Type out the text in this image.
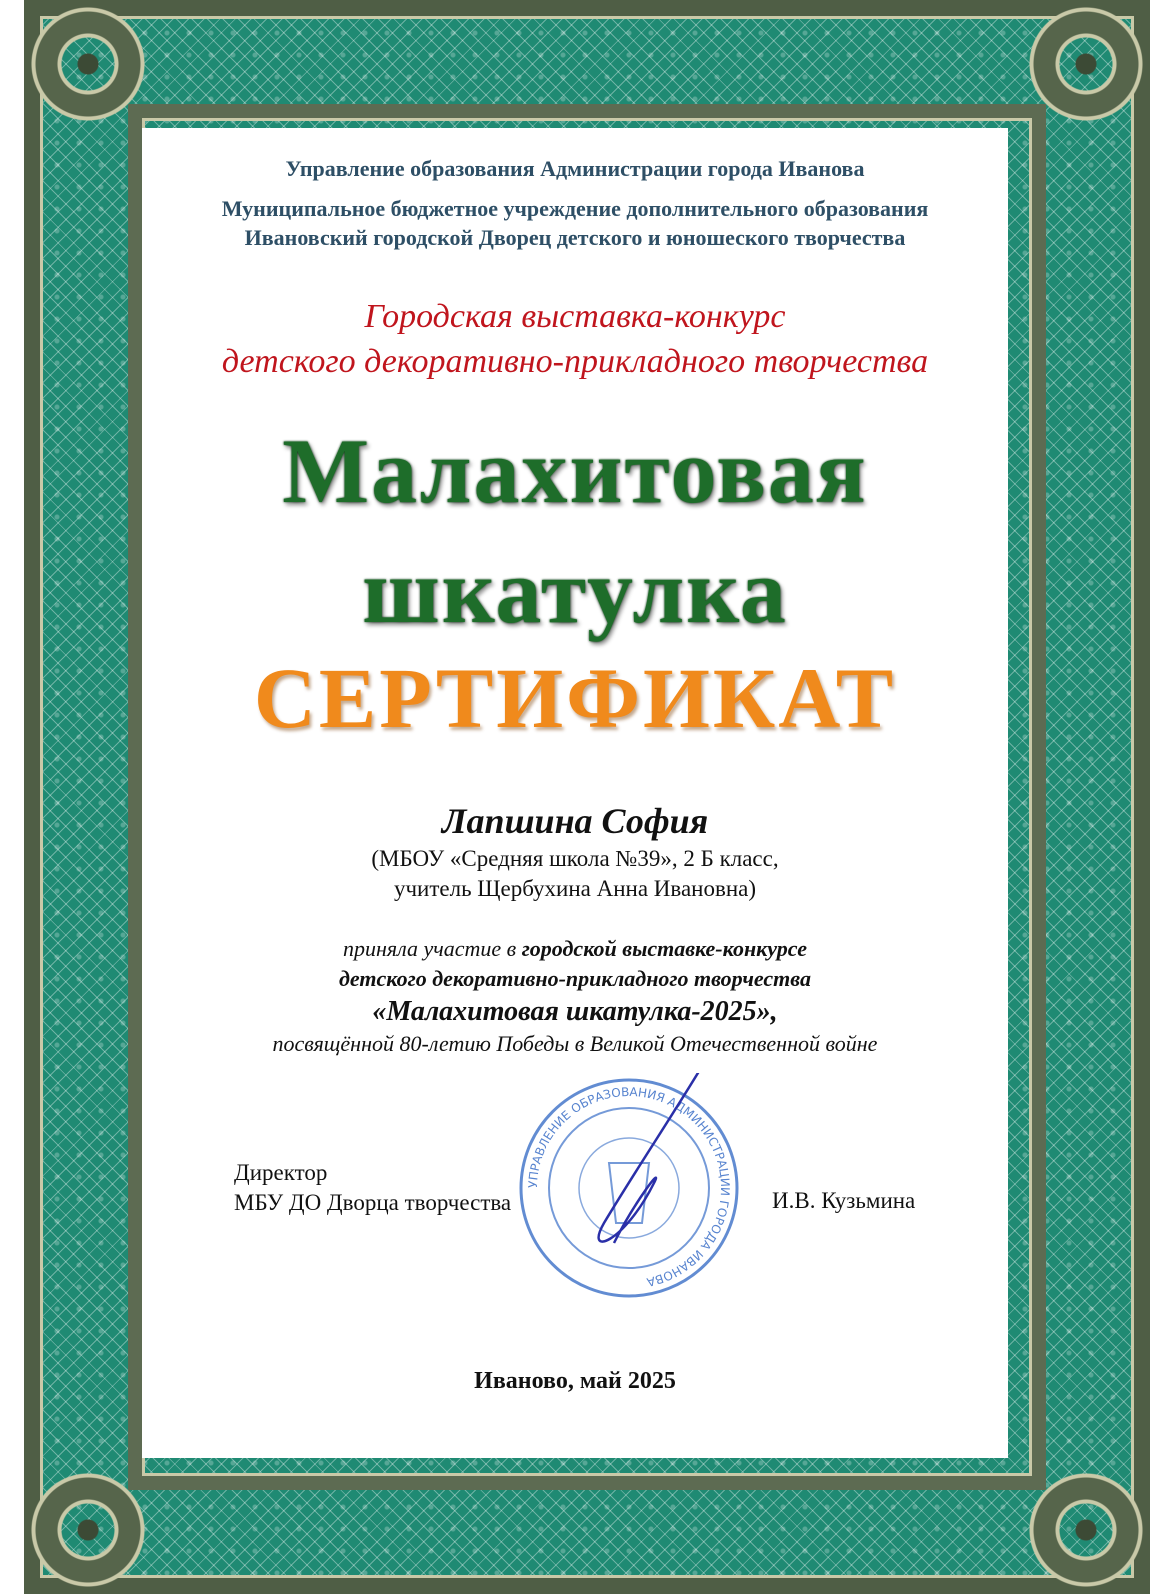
Управление образования Администрации города Иванова
Муниципальное бюджетное учреждение дополнительного образования
Ивановский городской Дворец детского и юношеского творчества
Городская выставка-конкурс
детского декоративно-прикладного творчества
Малахитовая
шкатулка
СЕРТИФИКАТ
Лапшина София
(МБОУ «Средняя школа №39», 2 Б класс,
учитель Щербухина Анна Ивановна)
приняла участие в городской выставке-конкурсе
детского декоративно-прикладного творчества
«Малахитовая шкатулка-2025»,
посвящённой 80-летию Победы в Великой Отечественной войне
УПРАВЛЕНИЕ ОБРАЗОВАНИЯ АДМИНИСТРАЦИИ ГОРОДА ИВАНОВА
Директор
МБУ ДО Дворца творчества	И.В. Кузьмина
Иваново, май 2025
